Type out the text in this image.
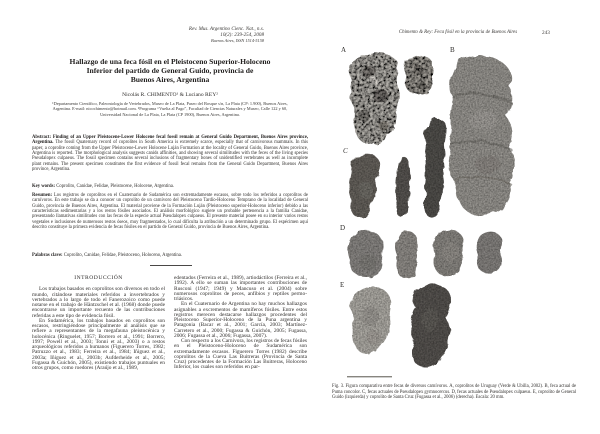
Rev. Mus. Argentino Cienc. Nat., n.s.
10(2): 239-254, 2008
Buenos Aires, ISSN 1514-5158
Hallazgo de una feca fósil en el Pleistoceno Superior-Holoceno
Inferior del partido de General Guido, provincia de
Buenos Aires, Argentina
Nicolás R. CHIMENTO¹ & Luciano REY²
¹Departamento Científico, Paleontología de Vertebrados, Museo de La Plata, Paseo del Bosque s/n, La Plata (CP: 1.900), Buenos Aires, Argentina. E-mail: nicochimento@hotmail.com. ²Programa “Vuelta al Pago”, Facultad de Ciencias Naturales y Museo, Calle 122 y 60, Universidad Nacional de La Plata, La Plata (CP 1900), Buenos Aires, Argentina.
Abstract: Finding of an Upper Pleistocene-Lower Holocene fecal fossil remain at General Guido Department, Buenos Aires province, Argentina. The fossil Quaternary record of coprolites in South America is extremely scarce, especially that of carnivorous mammals. In this paper, a coprolite coming from the Upper Pleistocene-Lower Holocene Luján Formation at the locality of General Guido, Buenos Aires province, Argentina is reported. The morphological analysis suggests canids affinities, and showing several similitudes with the feces of the living species Pseudalopex culpaeus. The fossil specimen contains several inclusions of fragmentary bones of unidentified vertebrates as well as incomplete plant remains. The present specimen constitutes the first evidence of fossil fecal remains from the General Guido Department, Buenos Aires province, Argentina.
Key words: Coprolito, Canidae, Felidae, Pleistocene, Holocene, Argentina.
Resumen: Los registros de coprolitos en el Cuaternario de Sudamérica son extremadamente escasos, sobre todo los referidos a coprolitos de carnívoros. En este trabajo se da a conocer un coprolito de un carnívoro del Pleistoceno Tardío-Holoceno Temprano de la localidad de General Guido, provincia de Buenos Aires, Argentina. El material proviene de la Formación Luján (Pleistoceno superior-Holoceno inferior) debido a las características sedimentarias y a los restos fósiles asociados. El análisis morfológico sugiere un probable pertenencia a la familia Canidae, presentando llamativas similitudes con las fecas de la especie actual Pseudalopex culpaeus. El presente material posee en su interior varios restos vegetales e inclusiones de numerosos restos óseos, muy fragmentados, lo cual dificulta la atribución a un determinado grupo. El espécimen aquí descrito constituye la primera evidencia de fecas fósiles en el partido de General Guido, provincia de Buenos Aires, Argentina.
Palabras clave: Coprolito, Canidae, Felidae, Pleistoceno, Holoceno, Argentina.
INTRODUCCIÓN

Los trabajos basados en coprolitos son diversos en todo el mundo, citándose materiales referidos a invertebrados y vertebrados a lo largo de todo el Fanerozoico como puede notarse en el trabajo de Häntzschel et al. (1968) donde puede encontrarse un importante recuento de las contribuciones referidas a este tipo de evidencia fósil.

En Sudamérica, los trabajos basados en coprolitos son escasos, restringiéndose principalmente al análisis que se refiere a representantes de la megafauna pleistocénica y holocénica (Ringuelet, 1957; Borrero et al., 1991; Borrero, 1997; Powell et al., 2003; Tonni et al., 2003) o a restos arqueológicos referidos a humanos (Figuerero Torres, 1982; Patruzzo et al., 1983; Ferreira et al., 1984; Iñiguez et al., 2003a; Iñiguez et al., 2003b; Aufderheide et al., 2005; Fugassa & Guichón, 2005), existiendo trabajos puntuales en otros grupos, como roedores (Araújo et al., 1989,

edentados (Ferreira et al., 1989), artiodáctilos (Ferreira et al., 1992). A ello se suman las importantes contribuciones de Rusconi (1947; 1949) y Mancuso et al. (2004) sobre numerosos coprolitos de peces, anfibios y reptiles permo-triásicos.

En el Cuaternario de Argentina no hay muchos hallazgos asignables a excrementos de mamíferos fósiles. Entre estos registros merecen destacarse hallazgos procedentes del Pleistoceno Superior-Holoceno de la Puna argentina y Patagonia (Bacar et al., 2001; García, 2003; Martínez-Carretero et al., 2000; Fugassa & Guichón, 2005; Fugassa, 2006; Fugassa et al., 2006; Fugassa, 2007).

Con respecto a los Carnivora, los registros de fecas fósiles en el Pleistoceno-Holoceno de Sudamérica son extremadamente escasos. Figuerero Torres (1982) describe coprolitos de la Cueva Las Buitreras (Provincia de Santa Cruz) procedentes de la Formación Las Buitreras, Holoceno Inferior, los cuales son referidos en par-

Chimento & Rey: Feca fósil en la provincia de Buenos Aires	243
A	B
C
D
E
Fig. 3. Figura comparativa entre fecas de diversos carnívoros. A, coprolitos de Uruguay (Verde & Ubilla, 2002). B, feca actual de Puma concolor. C, fecas actuales de Pseudalopex gymnocercus. D, fecas actuales de Pseudalopex culpaeus. E, coprolito de General Guido (izquierda) y coprolito de Santa Cruz (Fugassa et al., 2006) (derecha). Escala: 20 mm.
